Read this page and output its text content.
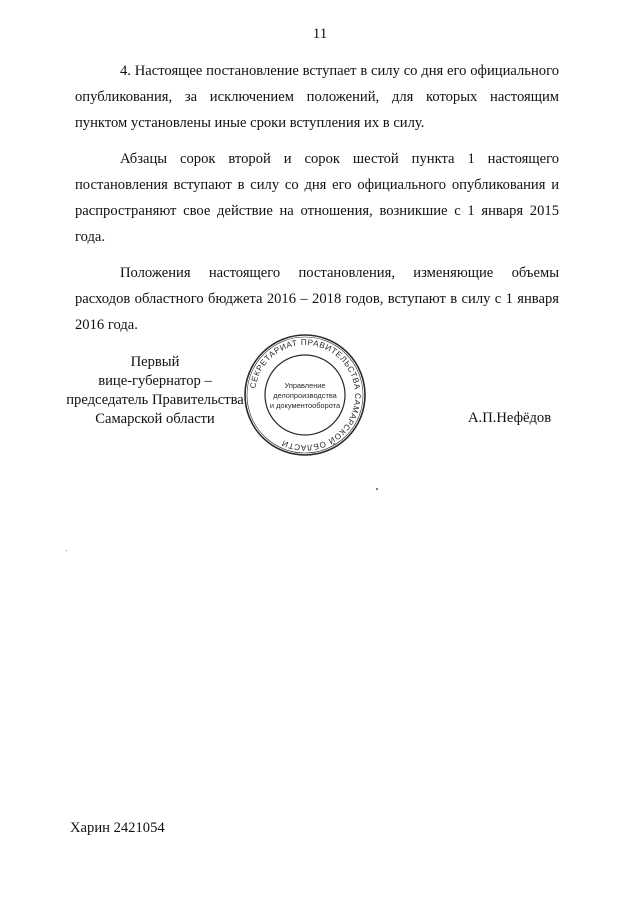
11

4. Настоящее постановление вступает в силу со дня его официального опубликования, за исключением положений, для которых настоящим пунктом установлены иные сроки вступления их в силу.

Абзацы сорок второй и сорок шестой пункта 1 настоящего постановления вступают в силу со дня его официального опубликования и распространяют свое действие на отношения, возникшие с 1 января 2015 года.

Положения настоящего постановления, изменяющие объемы расходов областного бюджета 2016 – 2018 годов, вступают в силу с 1 января 2016 года.

Первый
вице-губернатор –
председатель Правительства
Самарской области
СЕКРЕТАРИАТ ПРАВИТЕЛЬСТВА САМАРСКОЙ ОБЛАСТИ
Управление
делопроизводства
и документооборота
А.П.Нефёдов
Харин 2421054
